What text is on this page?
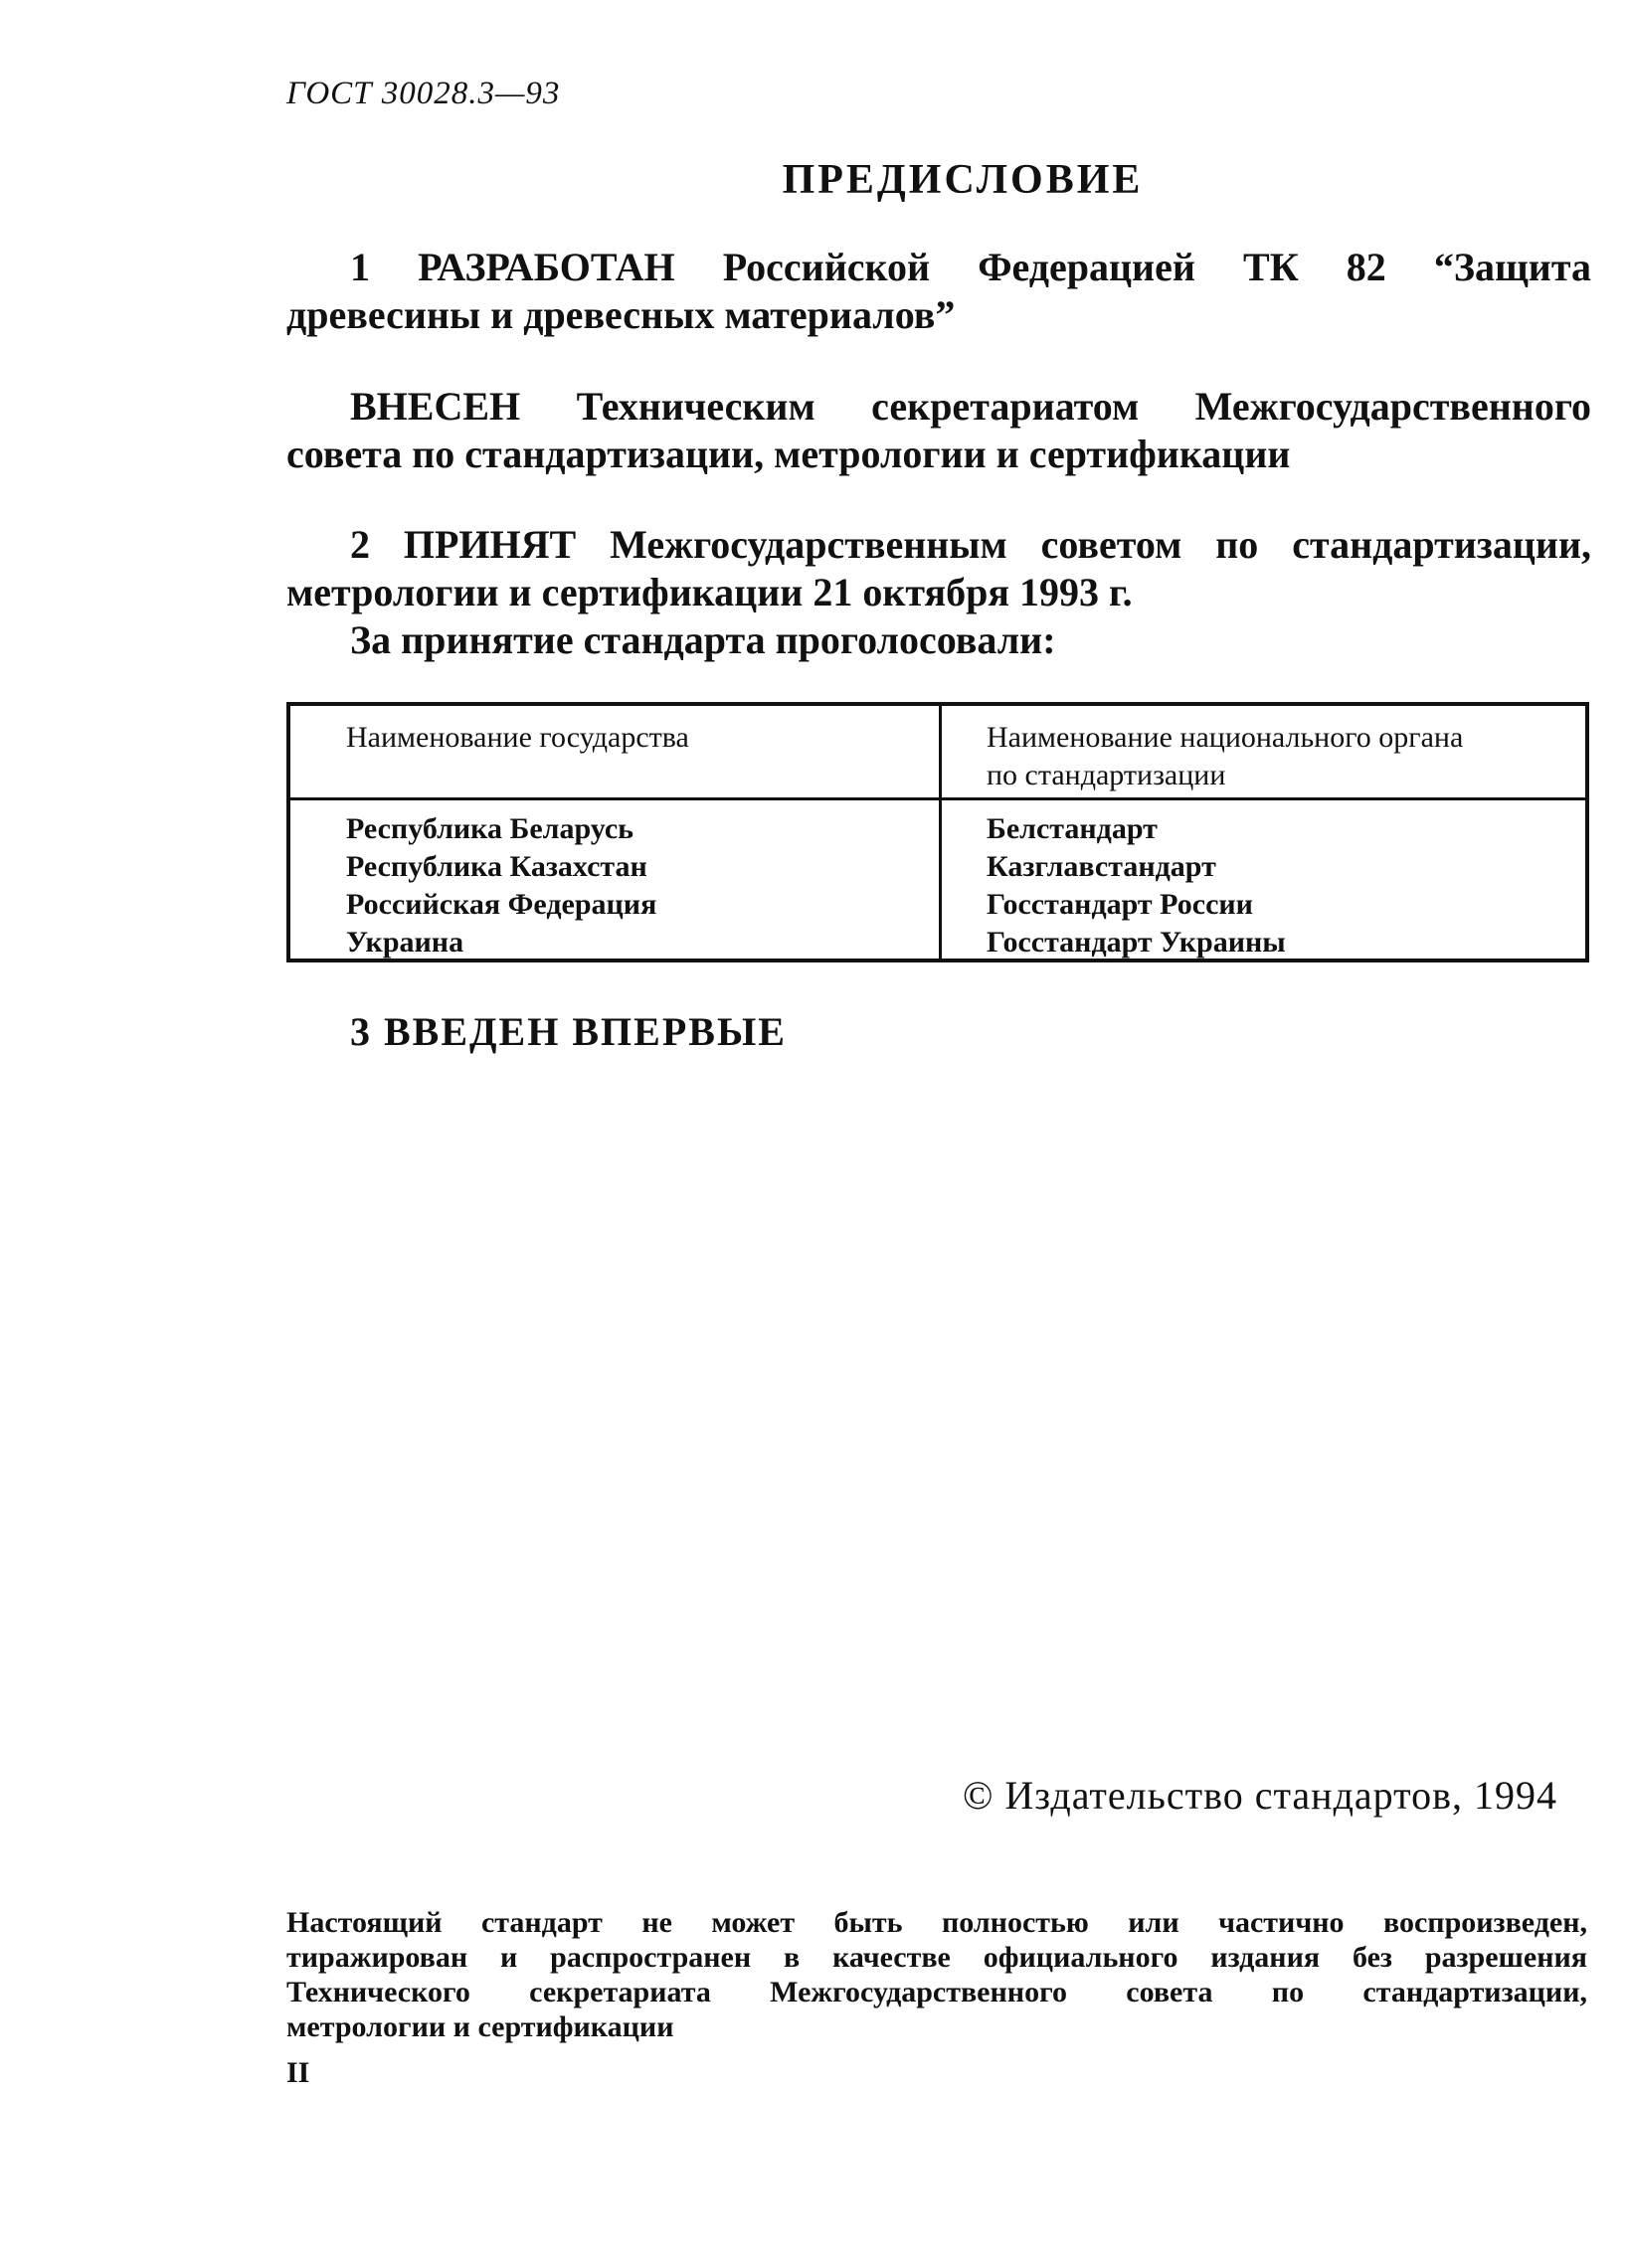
ГОСТ 30028.3—93
ПРЕДИСЛОВИЕ
1 РАЗРАБОТАН Российской Федерацией ТК 82 “Защита
древесины и древесных материалов”
ВНЕСЕН Техническим секретариатом Межгосударственного
совета по стандартизации, метрологии и сертификации
2 ПРИНЯТ Межгосударственным советом по стандартизации,
метрологии и сертификации 21 октября 1993 г.
За принятие стандарта проголосовали:
Наименование государства	Наименование национального органа
по стандартизации
Республика Беларусь
Республика Казахстан
Российская Федерация
Украина
Белстандарт
Казглавстандарт
Госстандарт России
Госстандарт Украины
3 ВВЕДЕН ВПЕРВЫЕ
© Издательство стандартов, 1994
Настоящий стандарт не может быть полностью или частично воспроизведен,
тиражирован и распространен в качестве официального издания без разрешения
Технического секретариата Межгосударственного совета по стандартизации,
метрологии и сертификации
II
